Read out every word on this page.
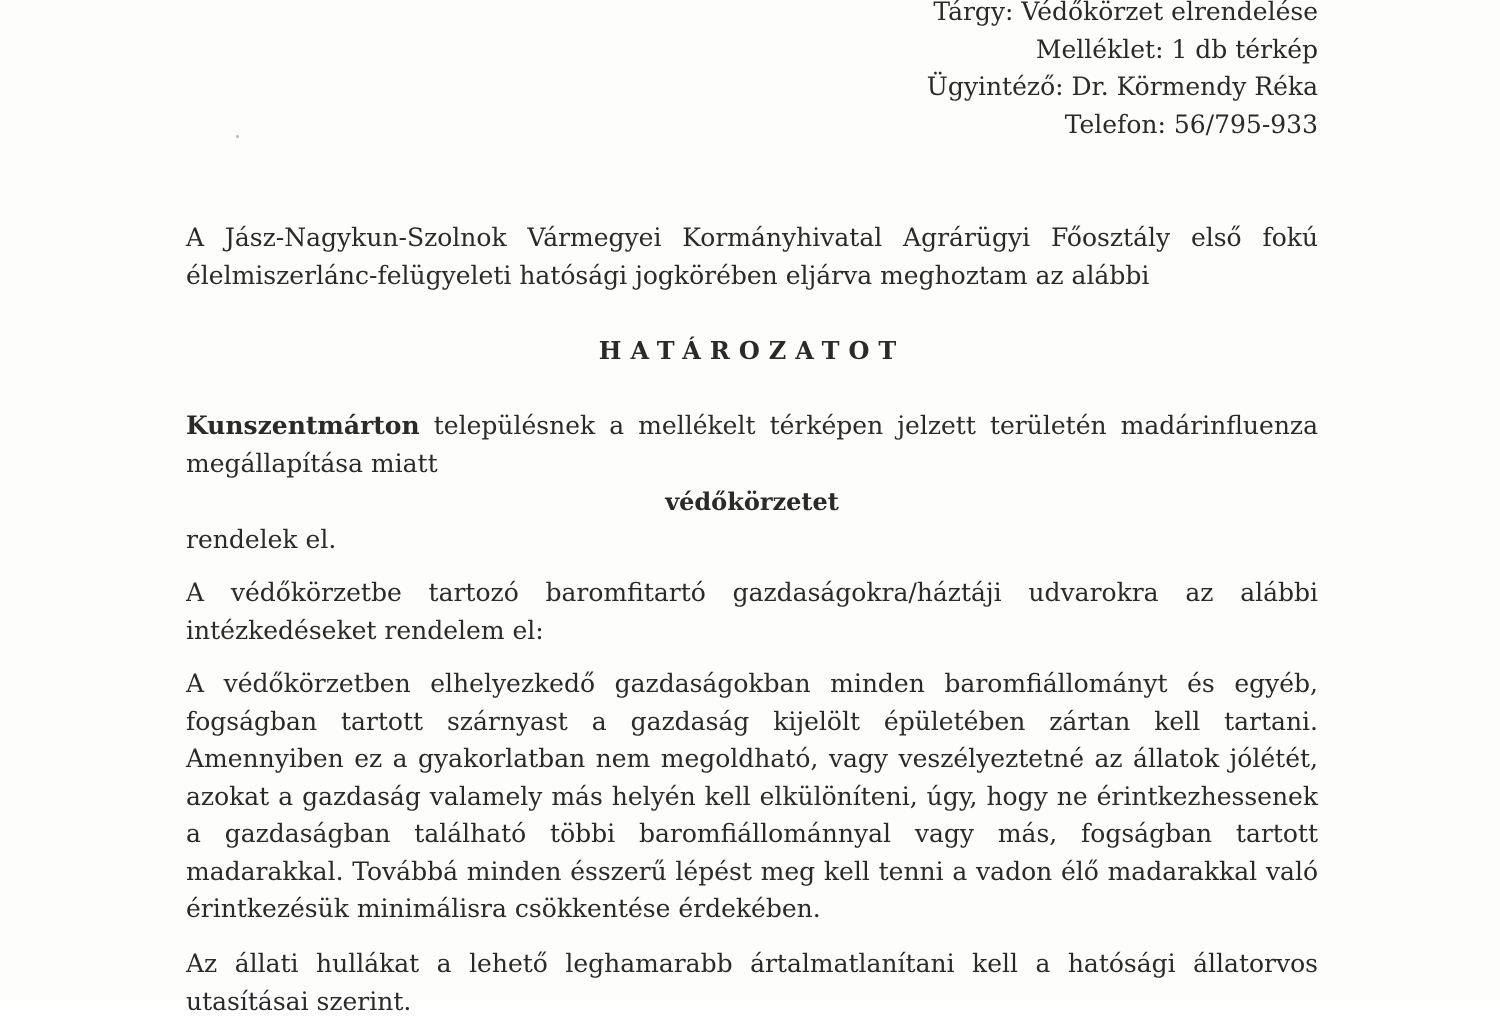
Tárgy: Védőkörzet elrendelése
Melléklet: 1 db térkép
Ügyintéző: Dr. Körmendy Réka
Telefon: 56/795-933
A Jász-Nagykun-Szolnok Vármegyei Kormányhivatal Agrárügyi Főosztály első fokú élelmiszerlánc-felügyeleti hatósági jogkörében eljárva meghoztam az alábbi
HATÁROZATOT
Kunszentmárton településnek a mellékelt térképen jelzett területén madárinfluenza megállapítása miatt
védőkörzetet
rendelek el.
A védőkörzetbe tartozó baromfitartó gazdaságokra/háztáji udvarokra az alábbi intézkedéseket rendelem el:
A védőkörzetben elhelyezkedő gazdaságokban minden baromfiállományt és egyéb, fogságban tartott szárnyast a gazdaság kijelölt épületében zártan kell tartani. Amennyiben ez a gyakorlatban nem megoldható, vagy veszélyeztetné az állatok jólétét, azokat a gazdaság valamely más helyén kell elkülöníteni, úgy, hogy ne érintkezhessenek a gazdaságban található többi baromfiállománnyal vagy más, fogságban tartott madarakkal. Továbbá minden ésszerű lépést meg kell tenni a vadon élő madarakkal való érintkezésük minimálisra csökkentése érdekében.
Az állati hullákat a lehető leghamarabb ártalmatlanítani kell a hatósági állatorvos utasításai szerint.
